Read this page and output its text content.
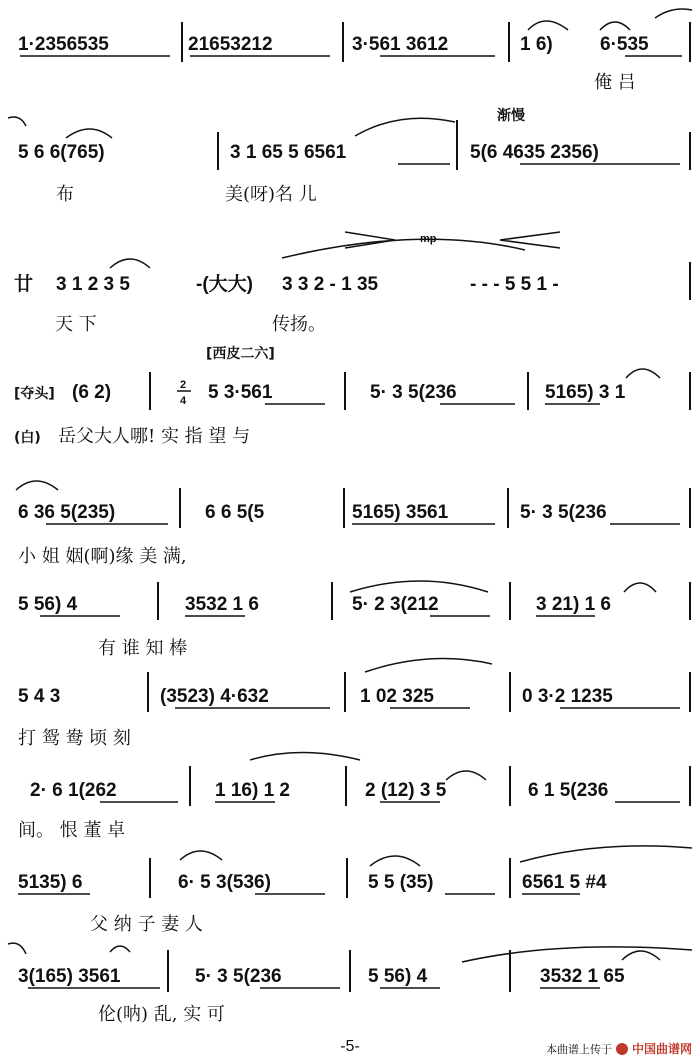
1·2356535	21653212	3·561 3612	1 6) 6·535
俺 吕
渐慢
5 6 6(765)	3 1 65 5 6561	5(6 4635 2356)
布	美(呀)名 儿
mp
廿 3 1 2 3 5	-(大大) 3 3 2 - 1 35	- - - 5 5 1 -
天 下	传扬。
[西皮二六]
[夺头] (6 2)	2
4 5 3·561	5· 3 5(236	5165) 3 1
(白) 岳父大人哪! 实 指 望 与
6 36 5(235)	6 6 5(5	5165) 3561	5· 3 5(236
小 姐 姻(啊)缘 美 满,
5 56) 4	3532 1 6	5· 2 3(212	3 21) 1 6
有 谁 知 棒
5 4 3	(3523) 4·632	1 02 325	0 3·2 1235
打 鸳 鸯 顷 刻
2· 6 1(262	1 16) 1 2	2 (12) 3 5	6 1 5(236
间。 恨 董 卓
5135) 6	6· 5 3(536)	5 5 (35)	6561 5 #4
父 纳 子 妻 人
3(165) 3561	5· 3 5(236	5 56) 4	3532 1 65
伦(呐) 乱, 实 可
-5-	本曲谱上传于 中国曲谱网
